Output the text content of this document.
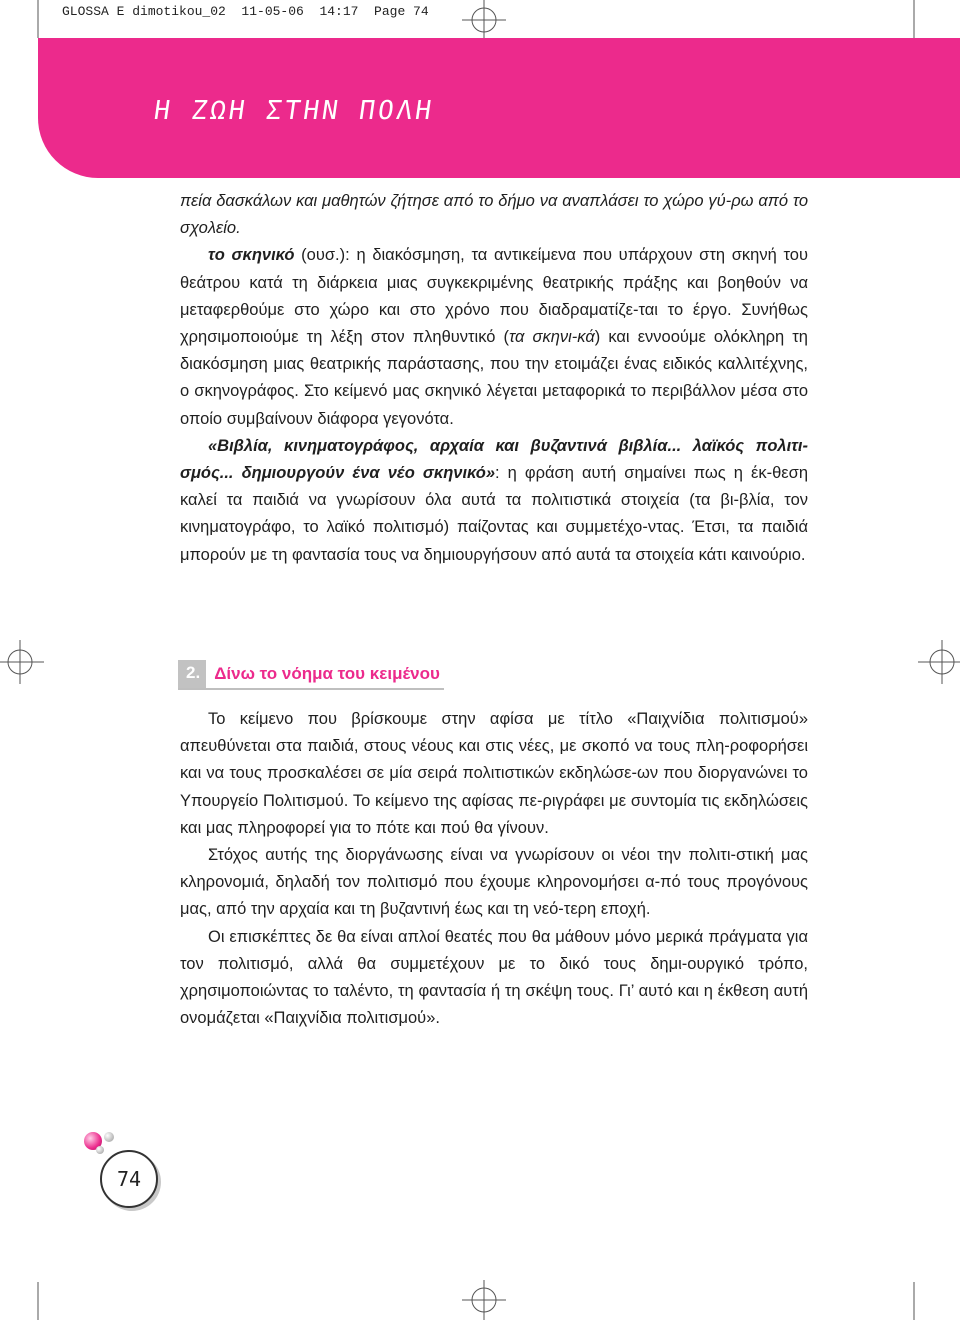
GLOSSA E dimotikou_02  11-05-06  14:17  Page 74
Η ΖΩΗ ΣΤΗΝ ΠΟΛΗ

πεία δασκάλων και μαθητών ζήτησε από το δήμο να αναπλάσει το χώρο γύ-ρω από το σχολείο.

το σκηνικό (ουσ.): η διακόσμηση, τα αντικείμενα που υπάρχουν στη σκηνή του θεάτρου κατά τη διάρκεια μιας συγκεκριμένης θεατρικής πράξης και βοηθούν να μεταφερθούμε στο χώρο και στο χρόνο που διαδραματίζε-ται το έργο. Συνήθως χρησιμοποιούμε τη λέξη στον πληθυντικό (τα σκηνι-κά) και εννοούμε ολόκληρη τη διακόσμηση μιας θεατρικής παράστασης, που την ετοιμάζει ένας ειδικός καλλιτέχνης, ο σκηνογράφος. Στο κείμενό μας σκηνικό λέγεται μεταφορικά το περιβάλλον μέσα στο οποίο συμβαίνουν διάφορα γεγονότα.

«Βιβλία, κινηματογράφος, αρχαία και βυζαντινά βιβλία... λαϊκός πολιτι-σμός... δημιουργούν ένα νέο σκηνικό»: η φράση αυτή σημαίνει πως η έκ-θεση καλεί τα παιδιά να γνωρίσουν όλα αυτά τα πολιτιστικά στοιχεία (τα βι-βλία, τον κινηματογράφο, το λαϊκό πολιτισμό) παίζοντας και συμμετέχο-ντας. Έτσι, τα παιδιά μπορούν με τη φαντασία τους να δημιουργήσουν από αυτά τα στοιχεία κάτι καινούριο.

2. Δίνω το νόημα του κειμένου

Το κείμενο που βρίσκουμε στην αφίσα με τίτλο «Παιχνίδια πολιτισμού» απευθύνεται στα παιδιά, στους νέους και στις νέες, με σκοπό να τους πλη-ροφορήσει και να τους προσκαλέσει σε μία σειρά πολιτιστικών εκδηλώσε-ων που διοργανώνει το Υπουργείο Πολιτισμού. Το κείμενο της αφίσας πε-ριγράφει με συντομία τις εκδηλώσεις και μας πληροφορεί για το πότε και πού θα γίνουν.

Στόχος αυτής της διοργάνωσης είναι να γνωρίσουν οι νέοι την πολιτι-στική μας κληρονομιά, δηλαδή τον πολιτισμό που έχουμε κληρονομήσει α-πό τους προγόνους μας, από την αρχαία και τη βυζαντινή έως και τη νεό-τερη εποχή.

Οι επισκέπτες δε θα είναι απλοί θεατές που θα μάθουν μόνο μερικά πράγματα για τον πολιτισμό, αλλά θα συμμετέχουν με το δικό τους δημι-ουργικό τρόπο, χρησιμοποιώντας το ταλέντο, τη φαντασία ή τη σκέψη τους. Γι’ αυτό και η έκθεση αυτή ονομάζεται «Παιχνίδια πολιτισμού».

74
